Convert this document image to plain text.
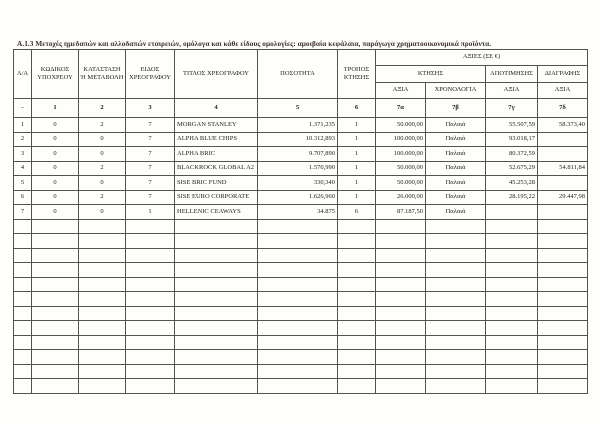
Α.1.3 Μετοχές ημεδαπών και αλλοδαπών εταιρειών, ομόλογα και κάθε είδους ομολογίες: αμοιβαία κεφάλαια, παράγωγα χρηματοοικονομικά προϊόντα.
Α/Α	ΚΩΔΙΚΟΣ ΥΠΟΧΡΕΟΥ	ΚΑΤΑΣΤΑΣΗ Ή ΜΕΤΑΒΟΛΗ	ΕΙΔΟΣ ΧΡΕΟΓΡΑΦΟΥ	ΤΙΤΛΟΣ ΧΡΕΟΓΡΑΦΟΥ	ΠΟΣΟΤΗΤΑ	ΤΡΟΠΟΣ ΚΤΗΣΗΣ	ΑΞΙΕΣ (ΣΕ €)			
							ΚΤΗΣΗΣ		ΑΠΟΤΙΜΗΣΗΣ	ΔΙΑΓΡΑΦΗΣ
							ΑΞΙΑ	ΧΡΟΝΟΛΟΓΙΑ	ΑΞΙΑ	ΑΞΙΑ
-	1	2	3	4	5	6	7α	7β	7γ	7δ
1	0	2	7	MORGAN STANLEY	1.371,235	1	50.000,00	Παλαιά	55.507,59	58.373,40
2	0	0	7	ALPHA BLUE CHIPS	10.312,893	1	100.000,00	Παλαιά	93.018,17	
3	0	0	7	ALPHA BRIC	9.707,890	1	100.000,00	Παλαιά	80.372,59	
4	0	2	7	BLACKROCK GLOBAL A2	1.570,990	1	50.000,00	Παλαιά	52.675,29	54.811,84
5	0	0	7	SISE BRIC FUND	330,340	1	50.000,00	Παλαιά	45.253,28	
6	0	2	7	SISE EURO CORPORATE	1.626,960	1	26.000,00	Παλαιά	28.195,22	29.447,98
7	0	0	1	HELLENIC CEAWAYS	34.875	6	87.187,50	Παλαιά		
